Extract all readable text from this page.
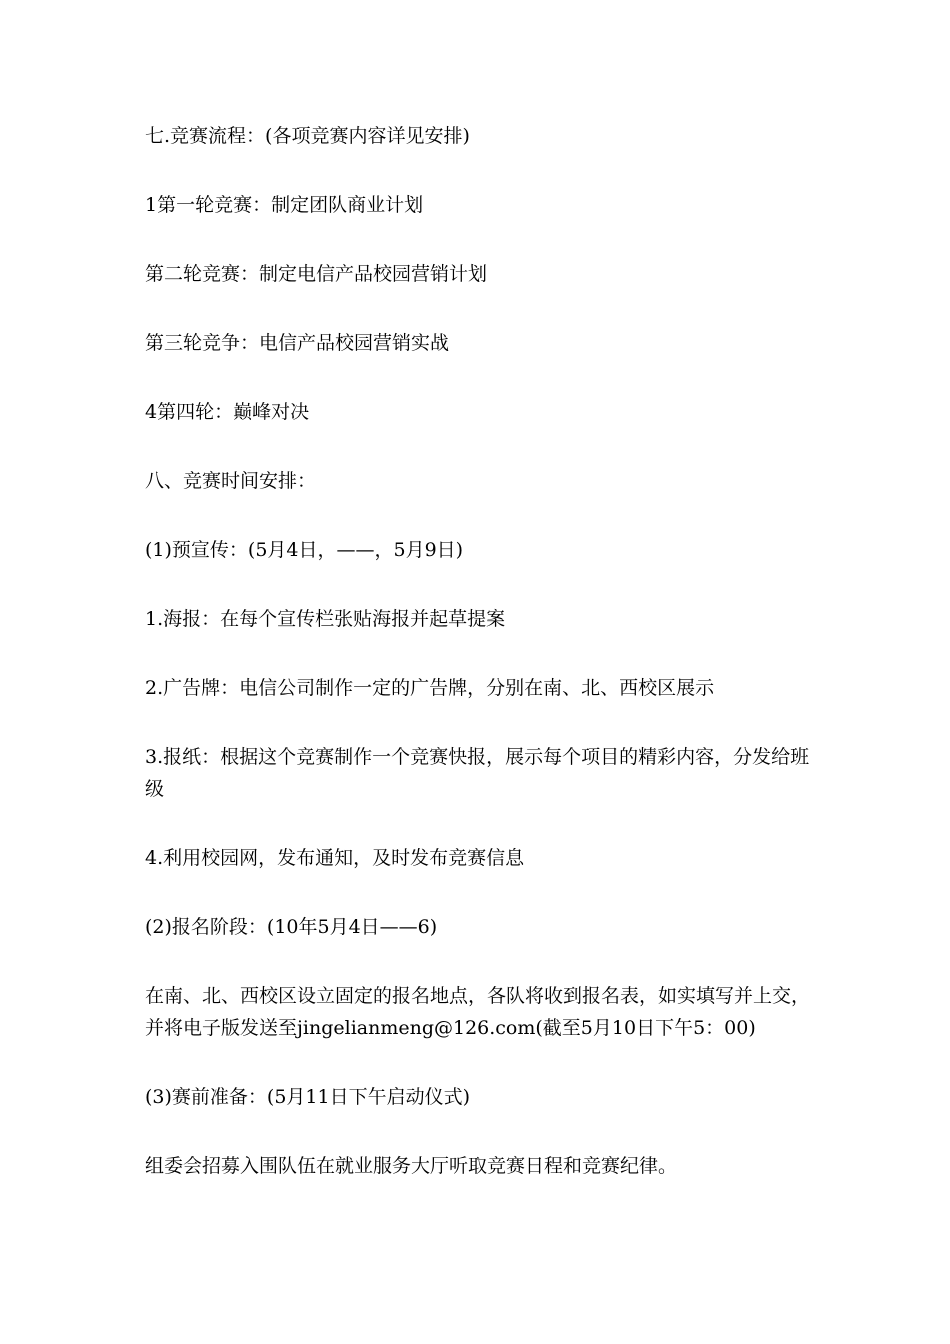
七.竞赛流程：(各项竞赛内容详见安排)

1第一轮竞赛：制定团队商业计划

第二轮竞赛：制定电信产品校园营销计划

第三轮竞争：电信产品校园营销实战

4第四轮：巅峰对决

八、竞赛时间安排：

(1)预宣传：(5月4日，——，5月9日)

1.海报：在每个宣传栏张贴海报并起草提案

2.广告牌：电信公司制作一定的广告牌，分别在南、北、西校区展示

3.报纸：根据这个竞赛制作一个竞赛快报，展示每个项目的精彩内容，分发给班级

4.利用校园网，发布通知，及时发布竞赛信息

(2)报名阶段：(10年5月4日——6)

在南、北、西校区设立固定的报名地点，各队将收到报名表，如实填写并上交，并将电子版发送至jingelianmeng@126.com(截至5月10日下午5：00)

(3)赛前准备：(5月11日下午启动仪式)

组委会招募入围队伍在就业服务大厅听取竞赛日程和竞赛纪律。
